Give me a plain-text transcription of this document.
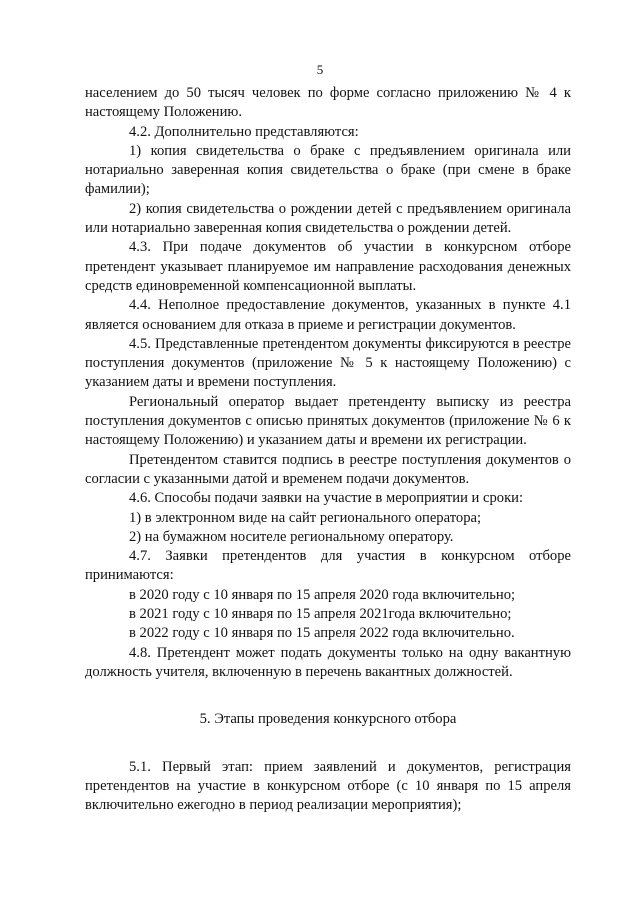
5

населением до 50 тысяч человек по форме согласно приложению № 4 к настоящему Положению.

4.2. Дополнительно представляются:

1) копия свидетельства о браке с предъявлением оригинала или нотариально заверенная копия свидетельства о браке (при смене в браке фамилии);

2) копия свидетельства о рождении детей с предъявлением оригинала или нотариально заверенная копия свидетельства о рождении детей.

4.3. При подаче документов об участии в конкурсном отборе претендент указывает планируемое им направление расходования денежных средств единовременной компенсационной выплаты.

4.4. Неполное предоставление документов, указанных в пункте 4.1 является основанием для отказа в приеме и регистрации документов.

4.5. Представленные претендентом документы фиксируются в реестре поступления документов (приложение № 5 к настоящему Положению) с указанием даты и времени поступления.

Региональный оператор выдает претенденту выписку из реестра поступления документов с описью принятых документов (приложение № 6 к настоящему Положению) и указанием даты и времени их регистрации.

Претендентом ставится подпись в реестре поступления документов о согласии с указанными датой и временем подачи документов.

4.6. Способы подачи заявки на участие в мероприятии и сроки:

1) в электронном виде на сайт регионального оператора;

2) на бумажном носителе региональному оператору.

4.7. Заявки претендентов для участия в конкурсном отборе принимаются:

в 2020 году с 10 января по 15 апреля 2020 года включительно;

в 2021 году с 10 января по 15 апреля 2021года включительно;

в 2022 году с 10 января по 15 апреля 2022 года включительно.

4.8. Претендент может подать документы только на одну вакантную должность учителя, включенную в перечень вакантных должностей.

5. Этапы проведения конкурсного отбора

5.1. Первый этап: прием заявлений и документов, регистрация претендентов на участие в конкурсном отборе (с 10 января по 15 апреля включительно ежегодно в период реализации мероприятия);
